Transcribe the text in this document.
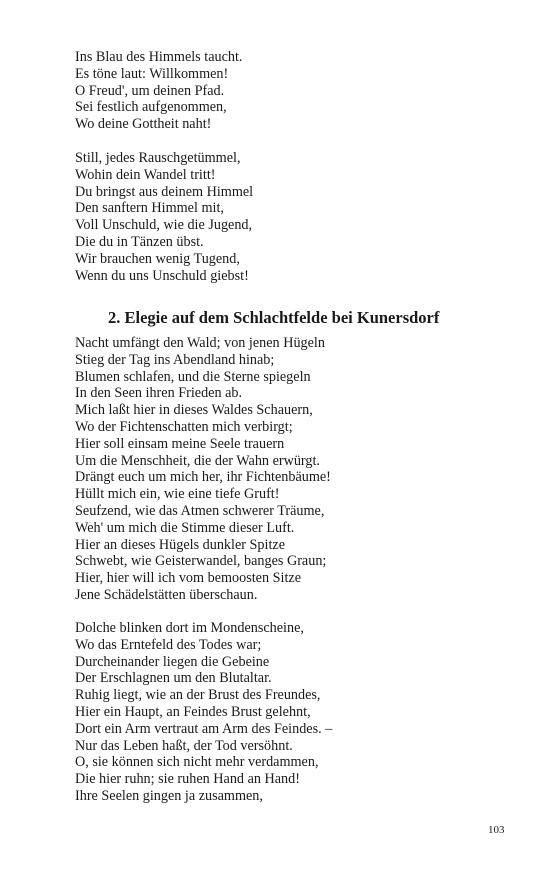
Ins Blau des Himmels taucht.
Es töne laut: Willkommen!
O Freud', um deinen Pfad.
Sei festlich aufgenommen,
Wo deine Gottheit naht!
Still, jedes Rauschgetümmel,
Wohin dein Wandel tritt!
Du bringst aus deinem Himmel
Den sanftern Himmel mit,
Voll Unschuld, wie die Jugend,
Die du in Tänzen übst.
Wir brauchen wenig Tugend,
Wenn du uns Unschuld giebst!
2. Elegie auf dem Schlachtfelde bei Kunersdorf
Nacht umfängt den Wald; von jenen Hügeln
Stieg der Tag ins Abendland hinab;
Blumen schlafen, und die Sterne spiegeln
In den Seen ihren Frieden ab.
Mich laßt hier in dieses Waldes Schauern,
Wo der Fichtenschatten mich verbirgt;
Hier soll einsam meine Seele trauern
Um die Menschheit, die der Wahn erwürgt.
Drängt euch um mich her, ihr Fichtenbäume!
Hüllt mich ein, wie eine tiefe Gruft!
Seufzend, wie das Atmen schwerer Träume,
Weh' um mich die Stimme dieser Luft.
Hier an dieses Hügels dunkler Spitze
Schwebt, wie Geisterwandel, banges Graun;
Hier, hier will ich vom bemoosten Sitze
Jene Schädelstätten überschaun.
Dolche blinken dort im Mondenscheine,
Wo das Erntefeld des Todes war;
Durcheinander liegen die Gebeine
Der Erschlagnen um den Blutaltar.
Ruhig liegt, wie an der Brust des Freundes,
Hier ein Haupt, an Feindes Brust gelehnt,
Dort ein Arm vertraut am Arm des Feindes. –
Nur das Leben haßt, der Tod versöhnt.
O, sie können sich nicht mehr verdammen,
Die hier ruhn; sie ruhen Hand an Hand!
Ihre Seelen gingen ja zusammen,
103
